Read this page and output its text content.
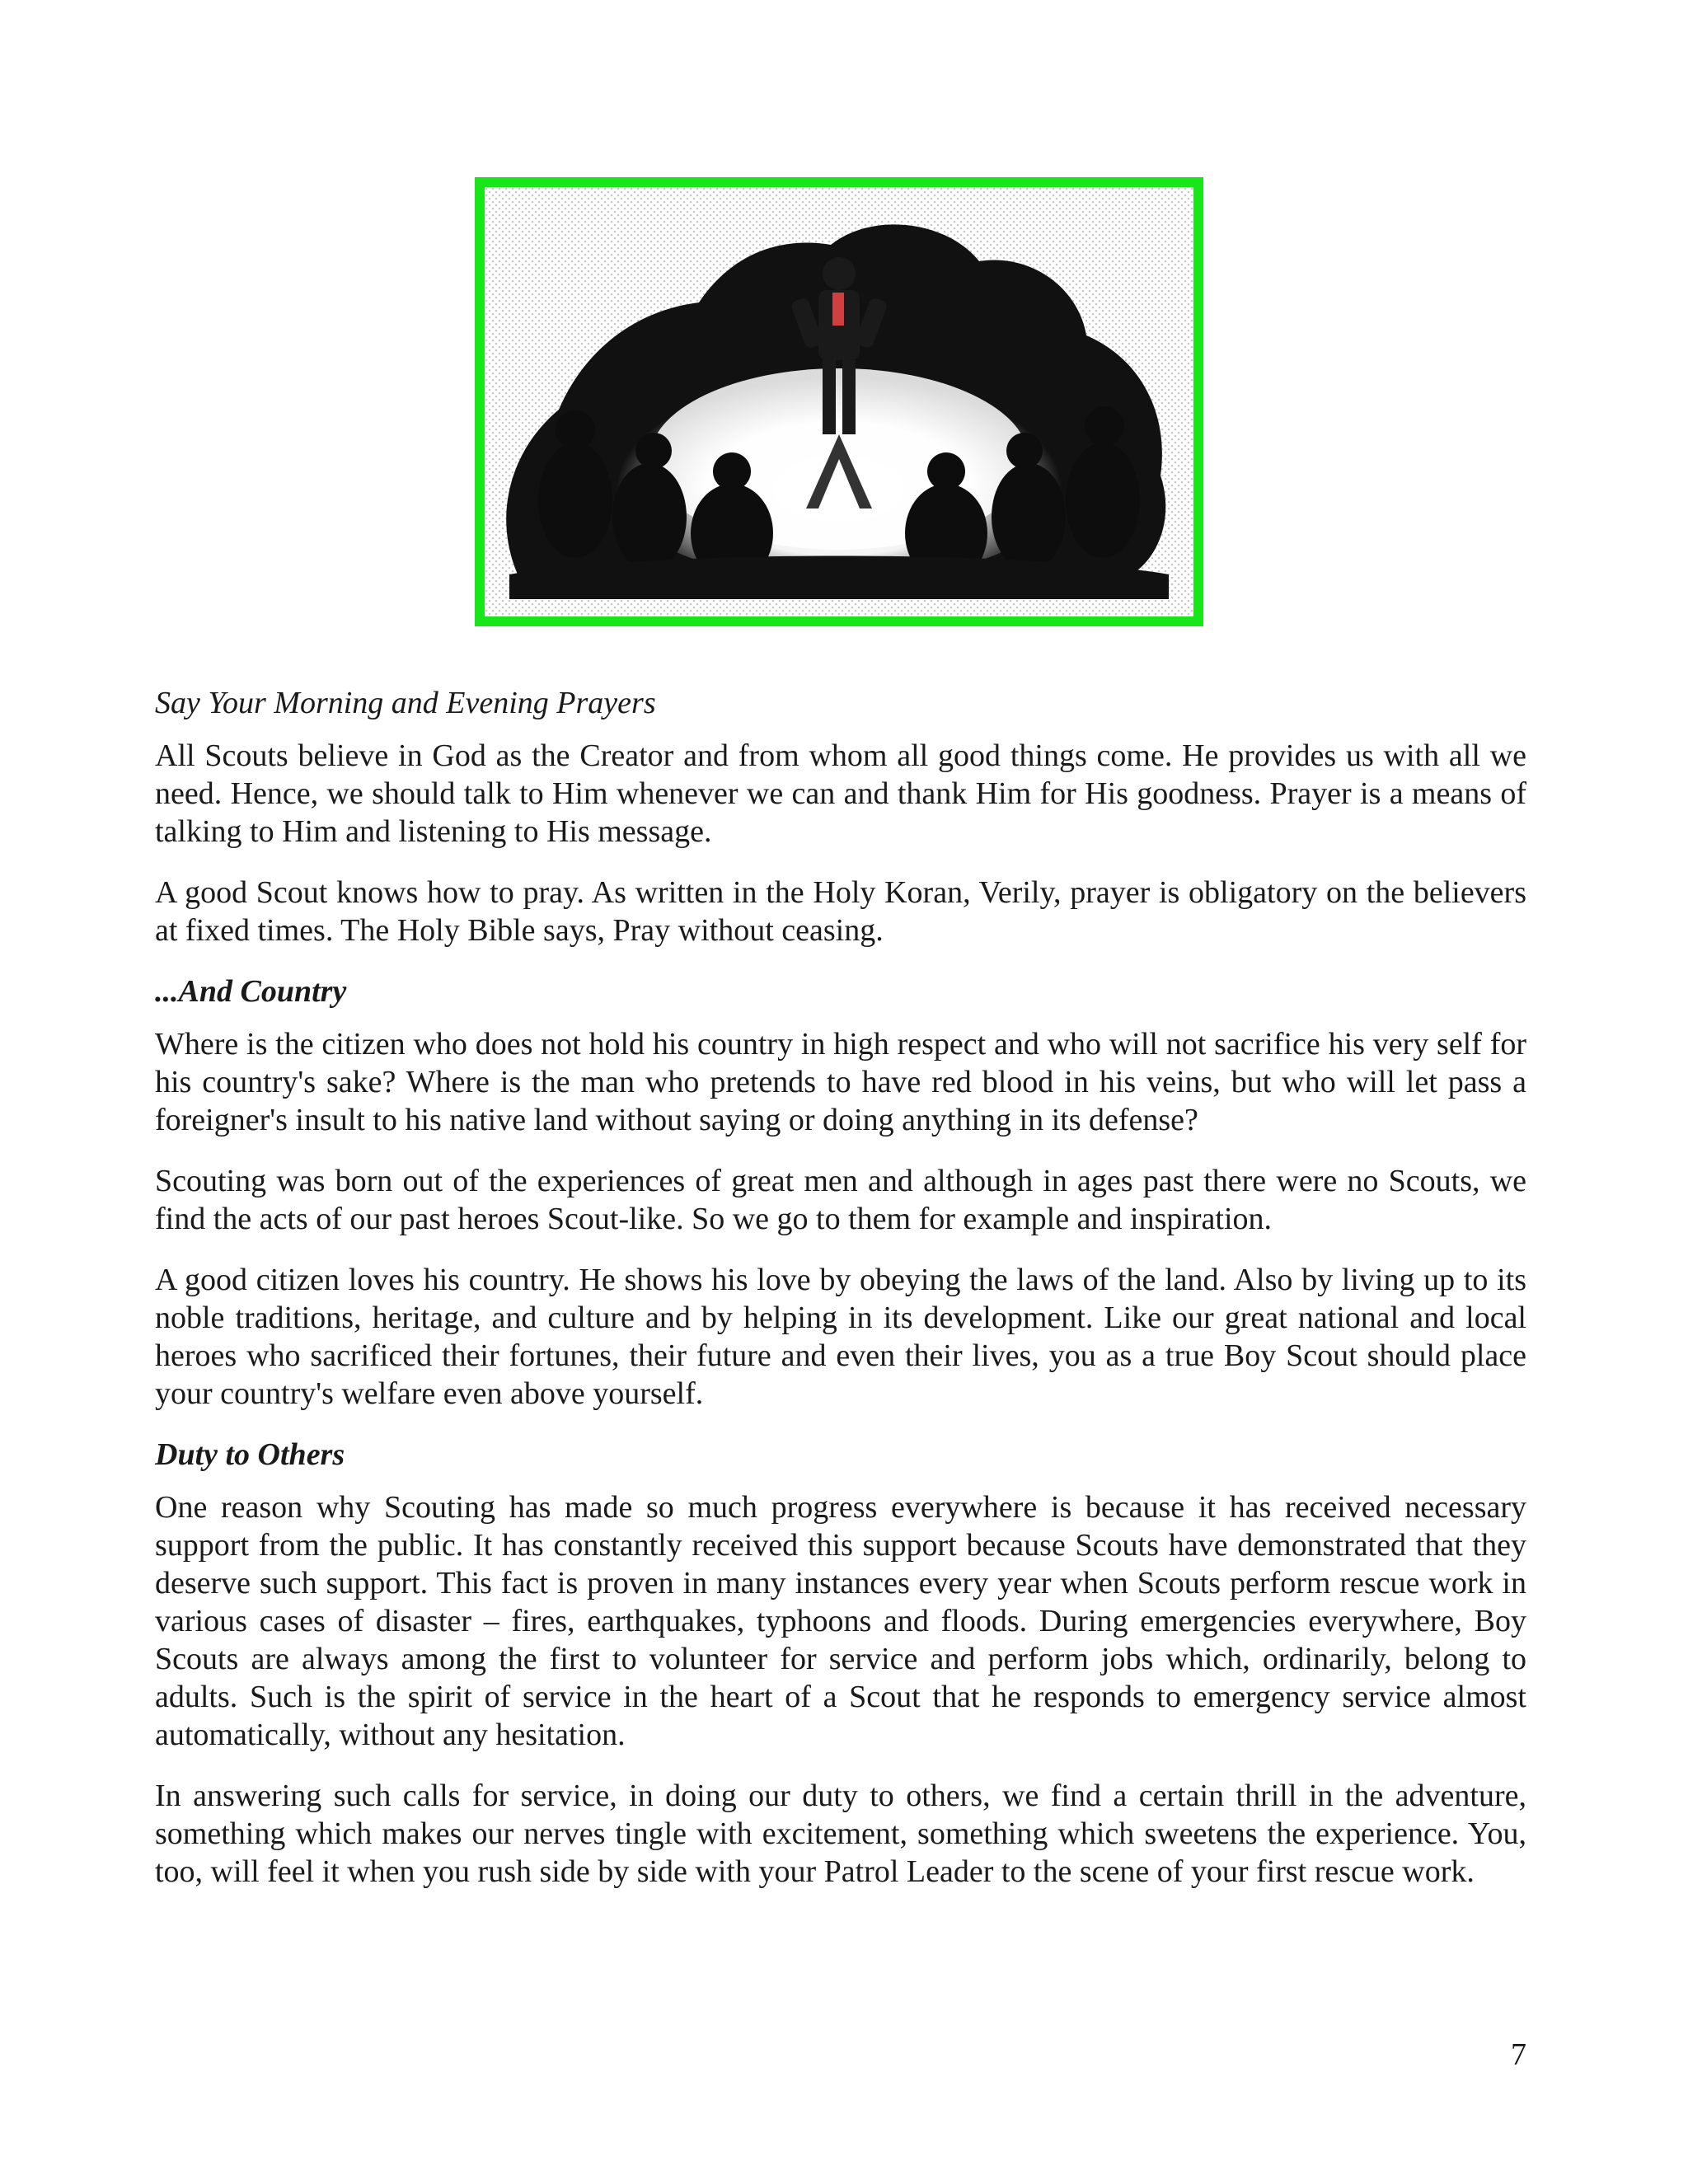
Say Your Morning and Evening Prayers

All Scouts believe in God as the Creator and from whom all good things come. He provides us with all we need. Hence, we should talk to Him whenever we can and thank Him for His goodness. Prayer is a means of talking to Him and listening to His message.

A good Scout knows how to pray. As written in the Holy Koran, Verily, prayer is obligatory on the believers at fixed times. The Holy Bible says, Pray without ceasing.

...And Country

Where is the citizen who does not hold his country in high respect and who will not sacrifice his very self for his country's sake? Where is the man who pretends to have red blood in his veins, but who will let pass a foreigner's insult to his native land without saying or doing anything in its defense?

Scouting was born out of the experiences of great men and although in ages past there were no Scouts, we find the acts of our past heroes Scout-like. So we go to them for example and inspiration.

A good citizen loves his country. He shows his love by obeying the laws of the land. Also by living up to its noble traditions, heritage, and culture and by helping in its development. Like our great national and local heroes who sacrificed their fortunes, their future and even their lives, you as a true Boy Scout should place your country's welfare even above yourself.

Duty to Others

One reason why Scouting has made so much progress everywhere is because it has received necessary support from the public. It has constantly received this support because Scouts have demonstrated that they deserve such support. This fact is proven in many instances every year when Scouts perform rescue work in various cases of disaster – fires, earthquakes, typhoons and floods. During emergencies everywhere, Boy Scouts are always among the first to volunteer for service and perform jobs which, ordinarily, belong to adults. Such is the spirit of service in the heart of a Scout that he responds to emergency service almost automatically, without any hesitation.

In answering such calls for service, in doing our duty to others, we find a certain thrill in the adventure, something which makes our nerves tingle with excitement, something which sweetens the experience. You, too, will feel it when you rush side by side with your Patrol Leader to the scene of your first rescue work.

7
